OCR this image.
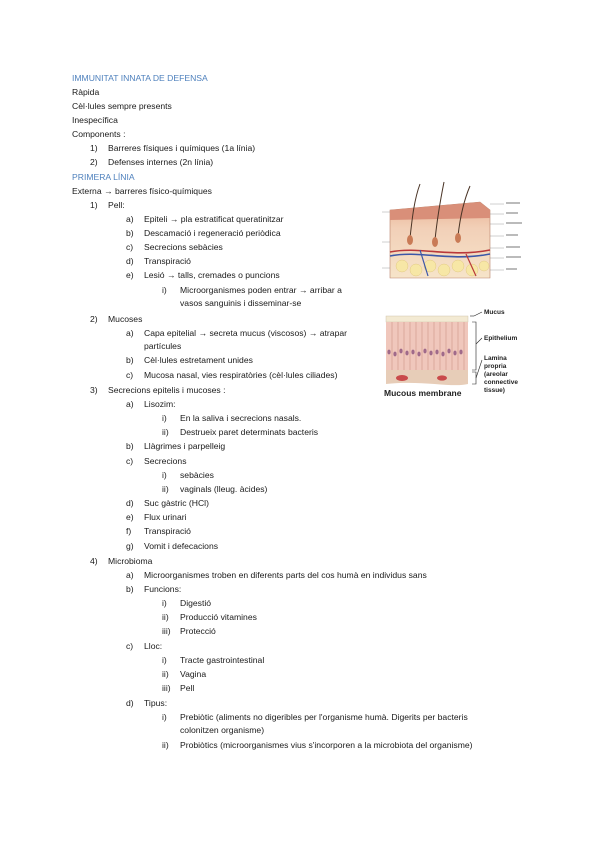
IMMUNITAT INNATA DE DEFENSA
Ràpida
Cèl·lules sempre presents
Inespecífica
Components :
1) Barreres físiques i químiques (1a línia)
2) Defenses internes (2n línia)
PRIMERA LÍNIA
Externa → barreres físico-químiques
1) Pell:
a) Epiteli → pla estratificat queratinitzar
b) Descamació i regeneració periòdica
c) Secrecions sebàcies
d) Transpiració
e) Lesió → talls, cremades o puncions
i) Microorganismes poden entrar → arribar a
vasos sanguinis i disseminar-se
2) Mucoses
a) Capa epitelial → secreta mucus (viscosos) → atrapar
partícules
b) Cèl·lules estretament unides
c) Mucosa nasal, vies respiratòries (cèl·lules ciliades)
3) Secrecions epitelis i mucoses :
a) Lisozim:
i) En la saliva i secrecions nasals.
ii) Destrueix paret determinats bacteris
b) Llàgrimes i parpelleig
c) Secrecions
i) sebàcies
ii) vaginals (lleug. àcides)
d) Suc gàstric (HCl)
e) Flux urinari
f) Transpiració
g) Vomit i defecacions
4) Microbioma
a) Microorganismes troben en diferents parts del cos humà en individus sans
b) Funcions:
i) Digestió
ii) Producció vitamines
iii) Protecció
c) Lloc:
i) Tracte gastrointestinal
ii) Vagina
iii) Pell
d) Tipus:
i) Prebiòtic (aliments no digeribles per l'organisme humà. Digerits per bacteris
colonitzen organisme)
ii) Probiòtics (microorganismes vius s'incorporen a la microbiota del organisme)
Mucus
Epithelium
Lamina
propria
(areolar
connective
tissue)
Mucous membrane
